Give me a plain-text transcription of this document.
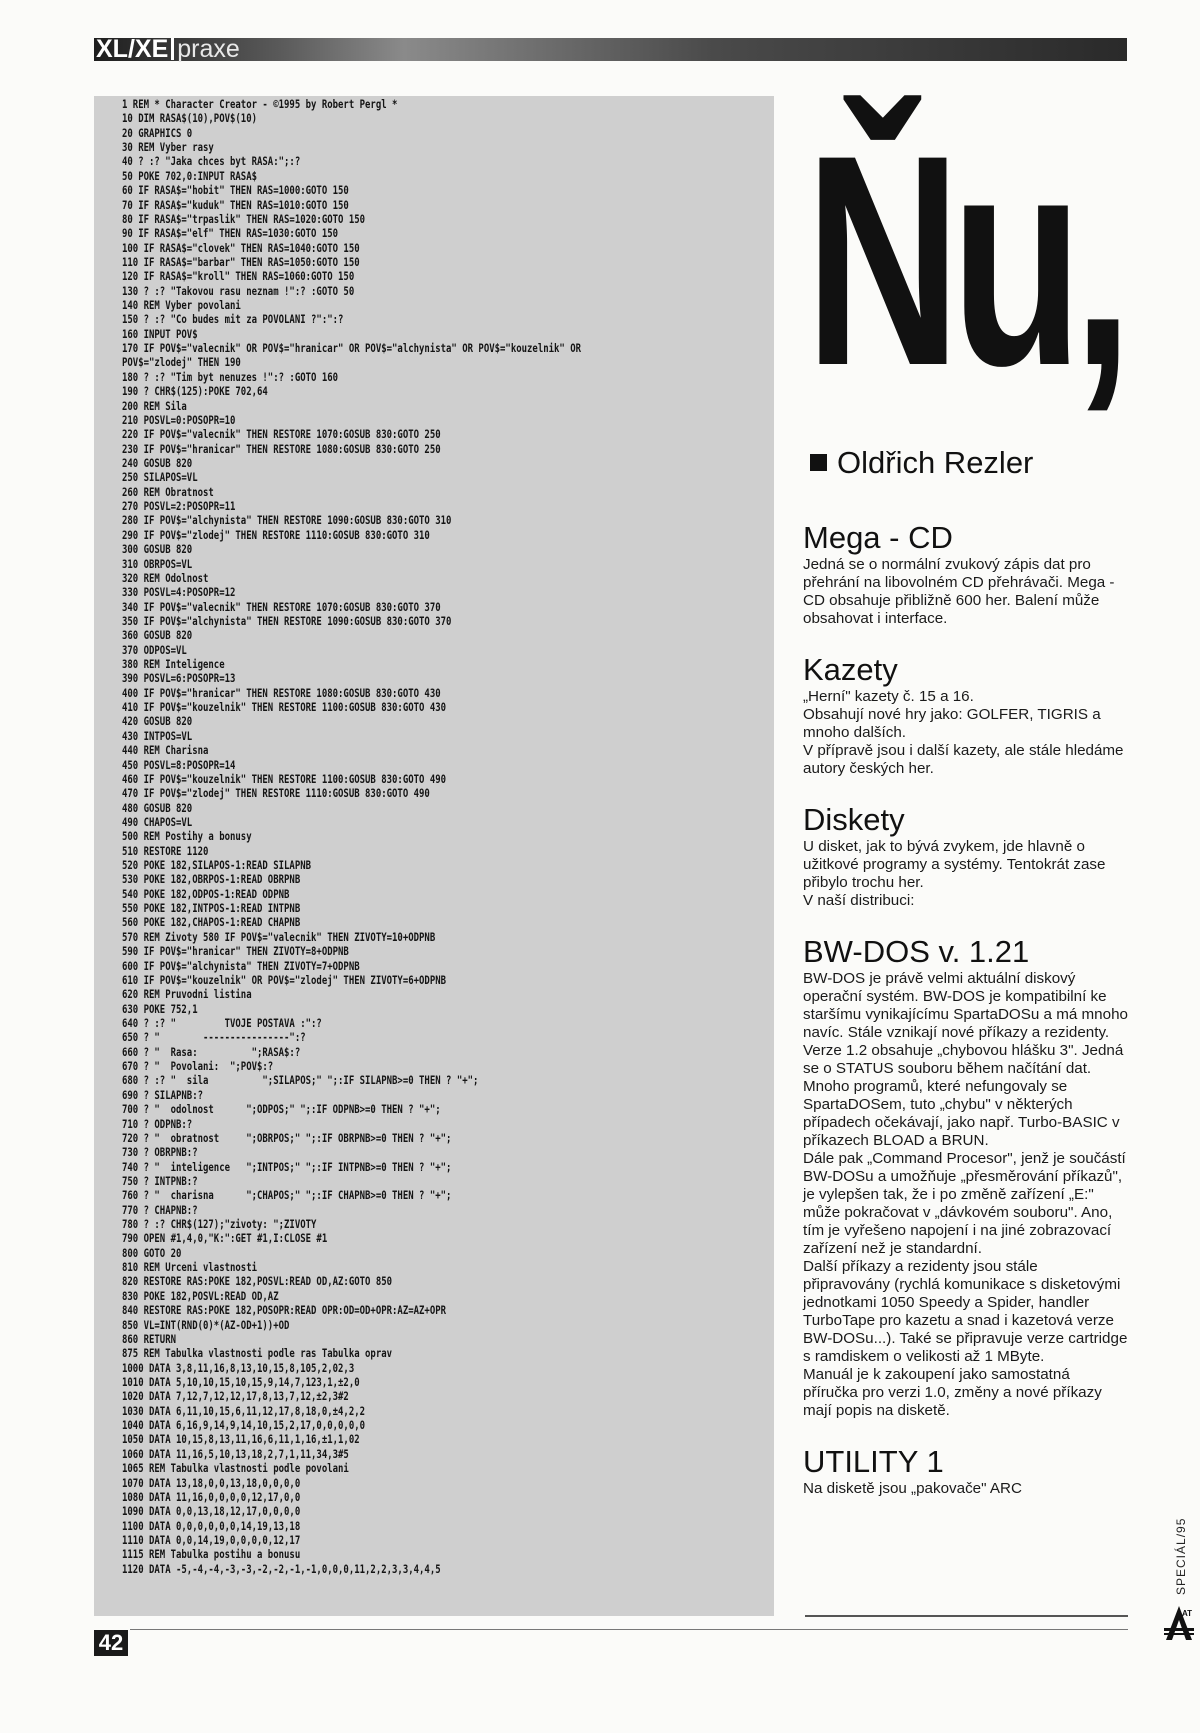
XL/XE praxe
1 REM * Character Creator - ©1995 by Robert Pergl *
10 DIM RASA$(10),POV$(10)
20 GRAPHICS 0
30 REM Vyber rasy
40 ? :? "Jaka chces byt RASA:";:?
50 POKE 702,0:INPUT RASA$
60 IF RASA$="hobit" THEN RAS=1000:GOTO 150
70 IF RASA$="kuduk" THEN RAS=1010:GOTO 150
80 IF RASA$="trpaslik" THEN RAS=1020:GOTO 150
90 IF RASA$="elf" THEN RAS=1030:GOTO 150
100 IF RASA$="clovek" THEN RAS=1040:GOTO 150
110 IF RASA$="barbar" THEN RAS=1050:GOTO 150
120 IF RASA$="kroll" THEN RAS=1060:GOTO 150
130 ? :? "Takovou rasu neznam !":? :GOTO 50
140 REM Vyber povolani
150 ? :? "Co budes mit za POVOLANI ?":":?
160 INPUT POV$
170 IF POV$="valecnik" OR POV$="hranicar" OR POV$="alchynista" OR POV$="kouzelnik" OR
POV$="zlodej" THEN 190
180 ? :? "Tim byt nenuzes !":? :GOTO 160
190 ? CHR$(125):POKE 702,64
200 REM Sila
210 POSVL=0:POSOPR=10
220 IF POV$="valecnik" THEN RESTORE 1070:GOSUB 830:GOTO 250
230 IF POV$="hranicar" THEN RESTORE 1080:GOSUB 830:GOTO 250
240 GOSUB 820
250 SILAPOS=VL
260 REM Obratnost
270 POSVL=2:POSOPR=11
280 IF POV$="alchynista" THEN RESTORE 1090:GOSUB 830:GOTO 310
290 IF POV$="zlodej" THEN RESTORE 1110:GOSUB 830:GOTO 310
300 GOSUB 820
310 OBRPOS=VL
320 REM Odolnost
330 POSVL=4:POSOPR=12
340 IF POV$="valecnik" THEN RESTORE 1070:GOSUB 830:GOTO 370
350 IF POV$="alchynista" THEN RESTORE 1090:GOSUB 830:GOTO 370
360 GOSUB 820
370 ODPOS=VL
380 REM Inteligence
390 POSVL=6:POSOPR=13
400 IF POV$="hranicar" THEN RESTORE 1080:GOSUB 830:GOTO 430
410 IF POV$="kouzelnik" THEN RESTORE 1100:GOSUB 830:GOTO 430
420 GOSUB 820
430 INTPOS=VL
440 REM Charisna
450 POSVL=8:POSOPR=14
460 IF POV$="kouzelnik" THEN RESTORE 1100:GOSUB 830:GOTO 490
470 IF POV$="zlodej" THEN RESTORE 1110:GOSUB 830:GOTO 490
480 GOSUB 820
490 CHAPOS=VL
500 REM Postihy a bonusy
510 RESTORE 1120
520 POKE 182,SILAPOS-1:READ SILAPNB
530 POKE 182,OBRPOS-1:READ OBRPNB
540 POKE 182,ODPOS-1:READ ODPNB
550 POKE 182,INTPOS-1:READ INTPNB
560 POKE 182,CHAPOS-1:READ CHAPNB
570 REM Zivoty 580 IF POV$="valecnik" THEN ZIVOTY=10+ODPNB
590 IF POV$="hranicar" THEN ZIVOTY=8+ODPNB
600 IF POV$="alchynista" THEN ZIVOTY=7+ODPNB
610 IF POV$="kouzelnik" OR POV$="zlodej" THEN ZIVOTY=6+ODPNB
620 REM Pruvodni listina
630 POKE 752,1
640 ? :? "         TVOJE POSTAVA :":?
650 ? "        ----------------":?
660 ? "  Rasa:          ";RASA$:?
670 ? "  Povolani:  ";POV$:?
680 ? :? "  sila          ";SILAPOS;" ";:IF SILAPNB>=0 THEN ? "+";
690 ? SILAPNB:?
700 ? "  odolnost      ";ODPOS;" ";:IF ODPNB>=0 THEN ? "+";
710 ? ODPNB:?
720 ? "  obratnost     ";OBRPOS;" ";:IF OBRPNB>=0 THEN ? "+";
730 ? OBRPNB:?
740 ? "  inteligence   ";INTPOS;" ";:IF INTPNB>=0 THEN ? "+";
750 ? INTPNB:?
760 ? "  charisna      ";CHAPOS;" ";:IF CHAPNB>=0 THEN ? "+";
770 ? CHAPNB:?
780 ? :? CHR$(127);"zivoty: ";ZIVOTY
790 OPEN #1,4,0,"K:":GET #1,I:CLOSE #1
800 GOTO 20
810 REM Urceni vlastnosti
820 RESTORE RAS:POKE 182,POSVL:READ OD,AZ:GOTO 850
830 POKE 182,POSVL:READ OD,AZ
840 RESTORE RAS:POKE 182,POSOPR:READ OPR:OD=OD+OPR:AZ=AZ+OPR
850 VL=INT(RND(0)*(AZ-OD+1))+OD
860 RETURN
875 REM Tabulka vlastnosti podle ras Tabulka oprav
1000 DATA 3,8,11,16,8,13,10,15,8,105,2,02,3
1010 DATA 5,10,10,15,10,15,9,14,7,123,1,±2,0
1020 DATA 7,12,7,12,12,17,8,13,7,12,±2,3#2
1030 DATA 6,11,10,15,6,11,12,17,8,18,0,±4,2,2
1040 DATA 6,16,9,14,9,14,10,15,2,17,0,0,0,0,0
1050 DATA 10,15,8,13,11,16,6,11,1,16,±1,1,02
1060 DATA 11,16,5,10,13,18,2,7,1,11,34,3#5
1065 REM Tabulka vlastnosti podle povolani
1070 DATA 13,18,0,0,13,18,0,0,0,0
1080 DATA 11,16,0,0,0,0,12,17,0,0
1090 DATA 0,0,13,18,12,17,0,0,0,0
1100 DATA 0,0,0,0,0,0,14,19,13,18
1110 DATA 0,0,14,19,0,0,0,0,12,17
1115 REM Tabulka postihu a bonusu
1120 DATA -5,-4,-4,-3,-3,-2,-2,-1,-1,0,0,0,11,2,2,3,3,4,4,5
Ňu,
Oldřich Rezler
Mega - CD

Jedná se o normální zvukový zápis dat pro přehrání na libovolném CD přehrávači. Mega - CD obsahuje přibližně 600 her. Balení může obsahovat i interface.

Kazety

„Herní" kazety č. 15 a 16.

Obsahují nové hry jako: GOLFER, TIGRIS a mnoho dalších.

V přípravě jsou i další kazety, ale stále hledáme autory českých her.

Diskety

U disket, jak to bývá zvykem, jde hlavně o užitkové programy a systémy. Tentokrát zase přibylo trochu her.

V naší distribuci:

BW-DOS v. 1.21

BW-DOS je právě velmi aktuální diskový operační systém. BW-DOS je kompatibilní ke staršímu vynikajícímu SpartaDOSu a má mnoho navíc. Stále vznikají nové příkazy a rezidenty.

Verze 1.2 obsahuje „chybovou hlášku 3". Jedná se o STATUS souboru během načítání dat. Mnoho programů, které nefungovaly se SpartaDOSem, tuto „chybu" v některých případech očekávají, jako např. Turbo-BASIC v příkazech BLOAD a BRUN.

Dále pak „Command Procesor", jenž je součástí BW-DOSu a umožňuje „přesměrování příkazů", je vylepšen tak, že i po změně zařízení „E:" může pokračovat v „dávkovém souboru". Ano, tím je vyřešeno napojení i na jiné zobrazovací zařízení než je standardní.

Další příkazy a rezidenty jsou stále připravovány (rychlá komunikace s disketovými jednotkami 1050 Speedy a Spider, handler TurboTape pro kazetu a snad i kazetová verze BW-DOSu...). Také se připravuje verze cartridge s ramdiskem o velikosti až 1 MByte.

Manuál je k zakoupení jako samostatná příručka pro verzi 1.0, změny a nové příkazy mají popis na disketě.

UTILITY 1

Na disketě jsou „pakovače" ARC

42
SPECIÁL/95
AT
